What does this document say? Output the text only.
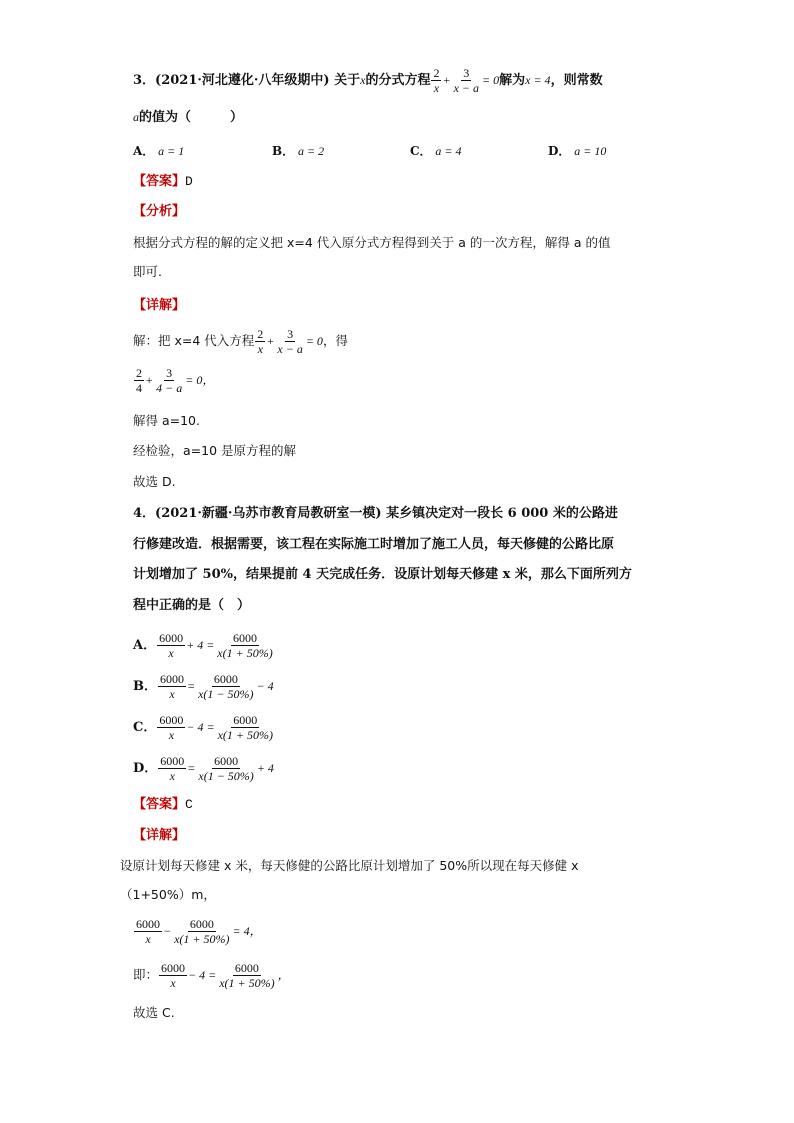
3．(2021·河北遵化·八年级期中) 关于x的分式方程 $\frac{2}{x} + \frac{3}{x - a} = 0$解为x = 4，则常数
a的值为（　　　）
A． a = 1	B． a = 2	C． a = 4	D． a = 10
【答案】D
【分析】
根据分式方程的解的定义把 x=4 代入原分式方程得到关于 a 的一次方程，解得 a 的值
即可.
【详解】
解：把 x=4 代入方程 $\frac{2}{x} + \frac{3}{x - a} = 0$，得
$\frac{2}{4} + \frac{3}{4 - a} = 0$，
解得 a=10.
经检验，a=10 是原方程的解
故选 D.
4．(2021·新疆·乌苏市教育局教研室一模) 某乡镇决定对一段长 6 000 米的公路进
行修建改造．根据需要，该工程在实际施工时增加了施工人员，每天修健的公路比原
计划增加了 50%，结果提前 4 天完成任务．设原计划每天修建 x 米，那么下面所列方
程中正确的是（　）
A． $\frac{6000}{x} + 4 = \frac{6000}{x(1 + 50\%)}$
B． $\frac{6000}{x} = \frac{6000}{x(1 - 50\%)} - 4$
C． $\frac{6000}{x} - 4 = \frac{6000}{x(1 + 50\%)}$
D． $\frac{6000}{x} = \frac{6000}{x(1 - 50\%)} + 4$
【答案】C
【详解】
设原计划每天修建 x 米，每天修健的公路比原计划增加了 50%所以现在每天修健 x
（1+50%）m，
$\frac{6000}{x} - \frac{6000}{x(1 + 50\%)} = 4$，
即： $\frac{6000}{x} - 4 = \frac{6000}{x(1 + 50\%)}$ ，
故选 C.
